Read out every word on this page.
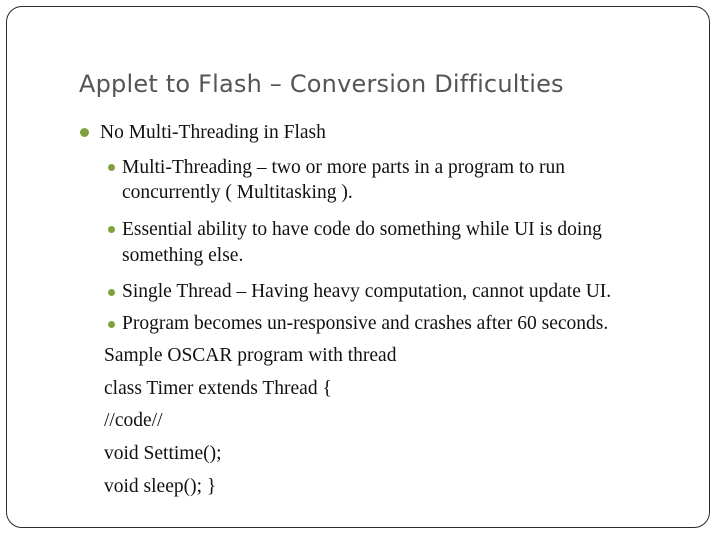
Applet to Flash – Conversion Difficulties
No Multi-Threading in Flash
Multi-Threading – two or more parts in a program to run
concurrently ( Multitasking ).
Essential ability to have code do something while UI is doing
something else.
Single Thread – Having heavy computation, cannot update UI.
Program becomes un-responsive and crashes after 60 seconds.
Sample OSCAR program with thread
class Timer extends Thread {
//code//
void Settime();
void sleep(); }
